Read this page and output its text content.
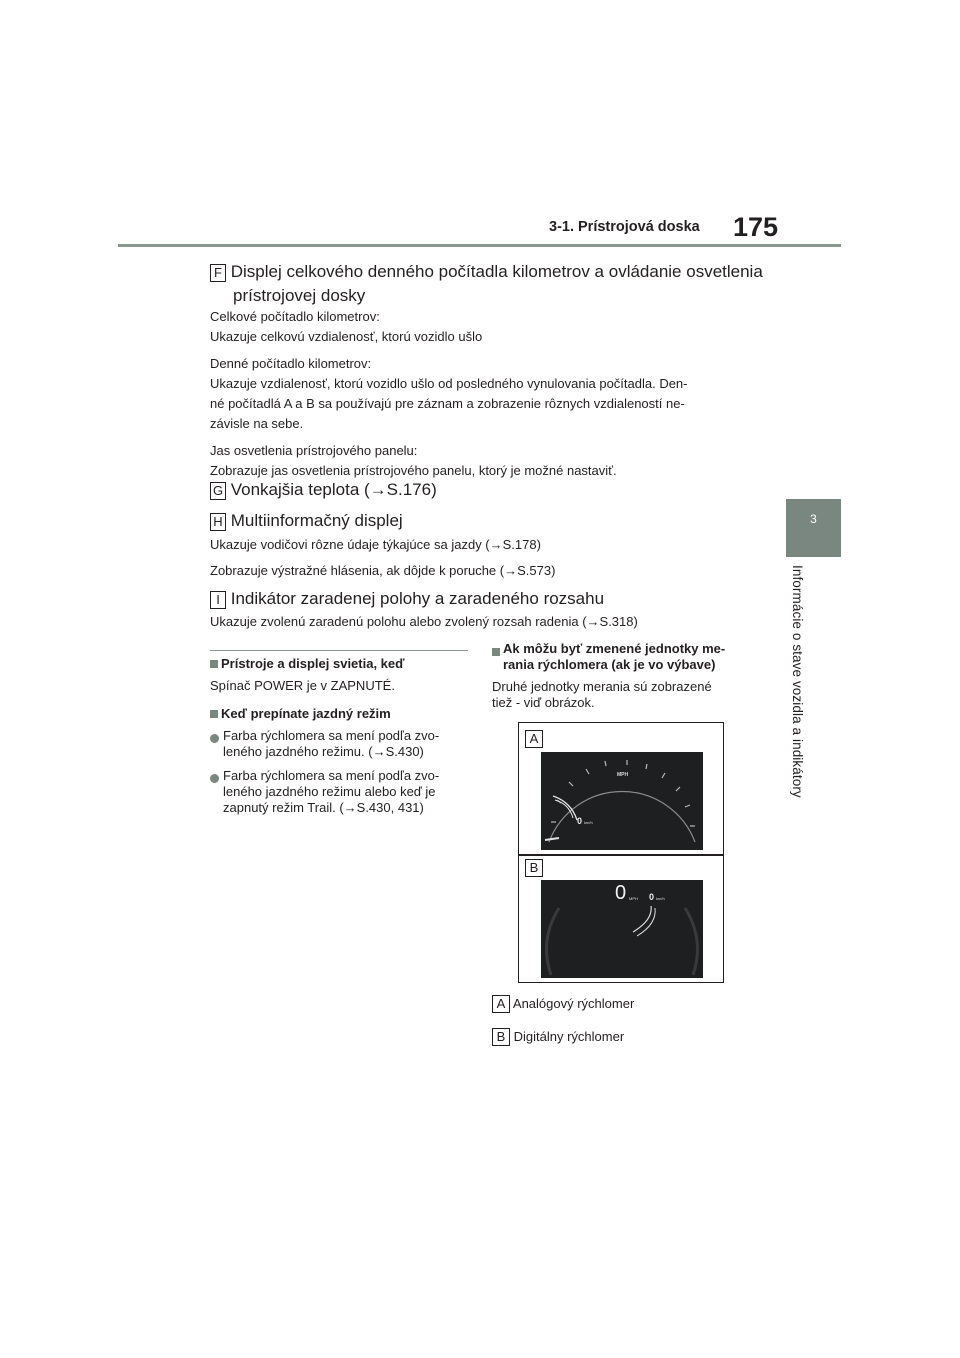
3-1. Prístrojová doska 175
3
Informácie o stave vozidla a indikátory
F Displej celkového denného počítadla kilometrov a ovládanie osvetlenia
prístrojovej dosky
Celkové počítadlo kilometrov:
Ukazuje celkovú vzdialenosť, ktorú vozidlo ušlo
Denné počítadlo kilometrov:
Ukazuje vzdialenosť, ktorú vozidlo ušlo od posledného vynulovania počítadla. Den-
né počítadlá A a B sa používajú pre záznam a zobrazenie rôznych vzdialeností ne-
závisle na sebe.
Jas osvetlenia prístrojového panelu:
Zobrazuje jas osvetlenia prístrojového panelu, ktorý je možné nastaviť.
G Vonkajšia teplota (→S.176)
H Multiinformačný displej
Ukazuje vodičovi rôzne údaje týkajúce sa jazdy (→S.178)
Zobrazuje výstražné hlásenia, ak dôjde k poruche (→S.573)
I Indikátor zaradenej polohy a zaradeného rozsahu
Ukazuje zvolenú zaradenú polohu alebo zvolený rozsah radenia (→S.318)
Prístroje a displej svietia, keď
Spínač POWER je v ZAPNUTÉ.
Keď prepínate jazdný režim
Farba rýchlomera sa mení podľa zvo-
leného jazdného režimu. (→S.430)
Farba rýchlomera sa mení podľa zvo-
leného jazdného režimu alebo keď je
zapnutý režim Trail. (→S.430, 431)
Ak môžu byť zmenené jednotky me-
rania rýchlomera (ak je vo výbave)
Druhé jednotky merania sú zobrazené
tiež - viď obrázok.
A
MPH
0 km/h
B
0 MPH 0 km/h
A Analógový rýchlomer
B Digitálny rýchlomer
